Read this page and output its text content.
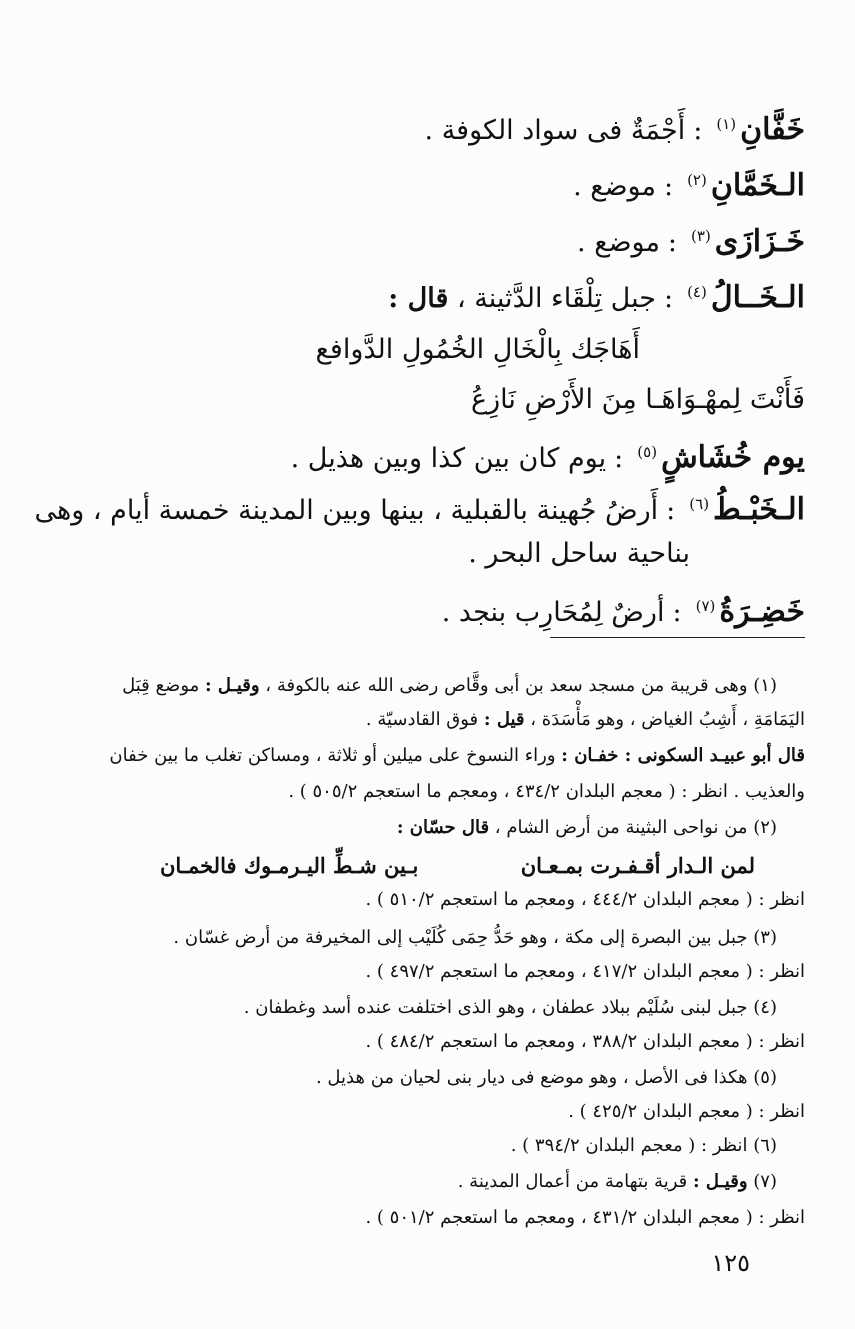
خَفَّانِ$^{(١)}$:أَجْمَةٌ فى سواد الكوفة .
الـخَمَّانِ$^{(٢)}$:موضع .
خَـزَازَى$^{(٣)}$:موضع .
الـخَــالُ$^{(٤)}$:جبل تِلْقَاء الدَّثينة ، قال :
أَهَاجَك بِالْخَالِ الخُمُولِ الدَّوافع
فَأَنْتَ لِمهْـوَاهَـا مِنَ الأَرْضِ نَازِعُ
يوم خُشَاشٍ$^{(٥)}$:يوم كان بين كذا وبين هذيل .
الـخَبْـطُ$^{(٦)}$:أَرضُ جُهينة بالقبلية ، بينها وبين المدينة خمسة أيام ، وهى
بناحية ساحل البحر .
خَضِـرَةُ$^{(٧)}$:أرضٌ لِمُحَارِب بنجد .
(١) وهى قريبة من مسجد سعد بن أبى وقَّاص رضى الله عنه بالكوفة ، وقيـل : موضع قِبَل
اليَمَامَةِ ، أَشِبُ الغياض ، وهو مَأْسَدَة ، قيل : فوق القادسيّة .
قال أبو عبيـد السكونى : خفـان : وراء النسوخ على ميلين أو ثلاثة ، ومساكن تغلب ما بين خفان
والعذيب . انظر : ( معجم البلدان ٤٣٤/٢ ، ومعجم ما استعجم ٥٠٥/٢ ) .
(٢) من نواحى البثينة من أرض الشام ، قال حسّان :
لمن الـدار أقـفـرت بمـعـان
بـين شـطِّ اليـرمـوك فالخمـان
انظر : ( معجم البلدان ٤٤٤/٢ ، ومعجم ما استعجم ٥١٠/٢ ) .
(٣) جبل بين البصرة إلى مكة ، وهو حَدُّ حِمَى كُلَيْب إلى المخيرفة من أرض غسّان .
انظر : ( معجم البلدان ٤١٧/٢ ، ومعجم ما استعجم ٤٩٧/٢ ) .
(٤) جبل لبنى سُلَيْم ببلاد عطفان ، وهو الذى اختلفت عنده أسد وغطفان .
انظر : ( معجم البلدان ٣٨٨/٢ ، ومعجم ما استعجم ٤٨٤/٢ ) .
(٥) هكذا فى الأصل ، وهو موضع فى ديار بنى لحيان من هذيل .
انظر : ( معجم البلدان ٤٢٥/٢ ) .
(٦) انظر : ( معجم البلدان ٣٩٤/٢ ) .
(٧) وقيـل : قرية بتهامة من أعمال المدينة .
انظر : ( معجم البلدان ٤٣١/٢ ، ومعجم ما استعجم ٥٠١/٢ ) .
١٢٥
